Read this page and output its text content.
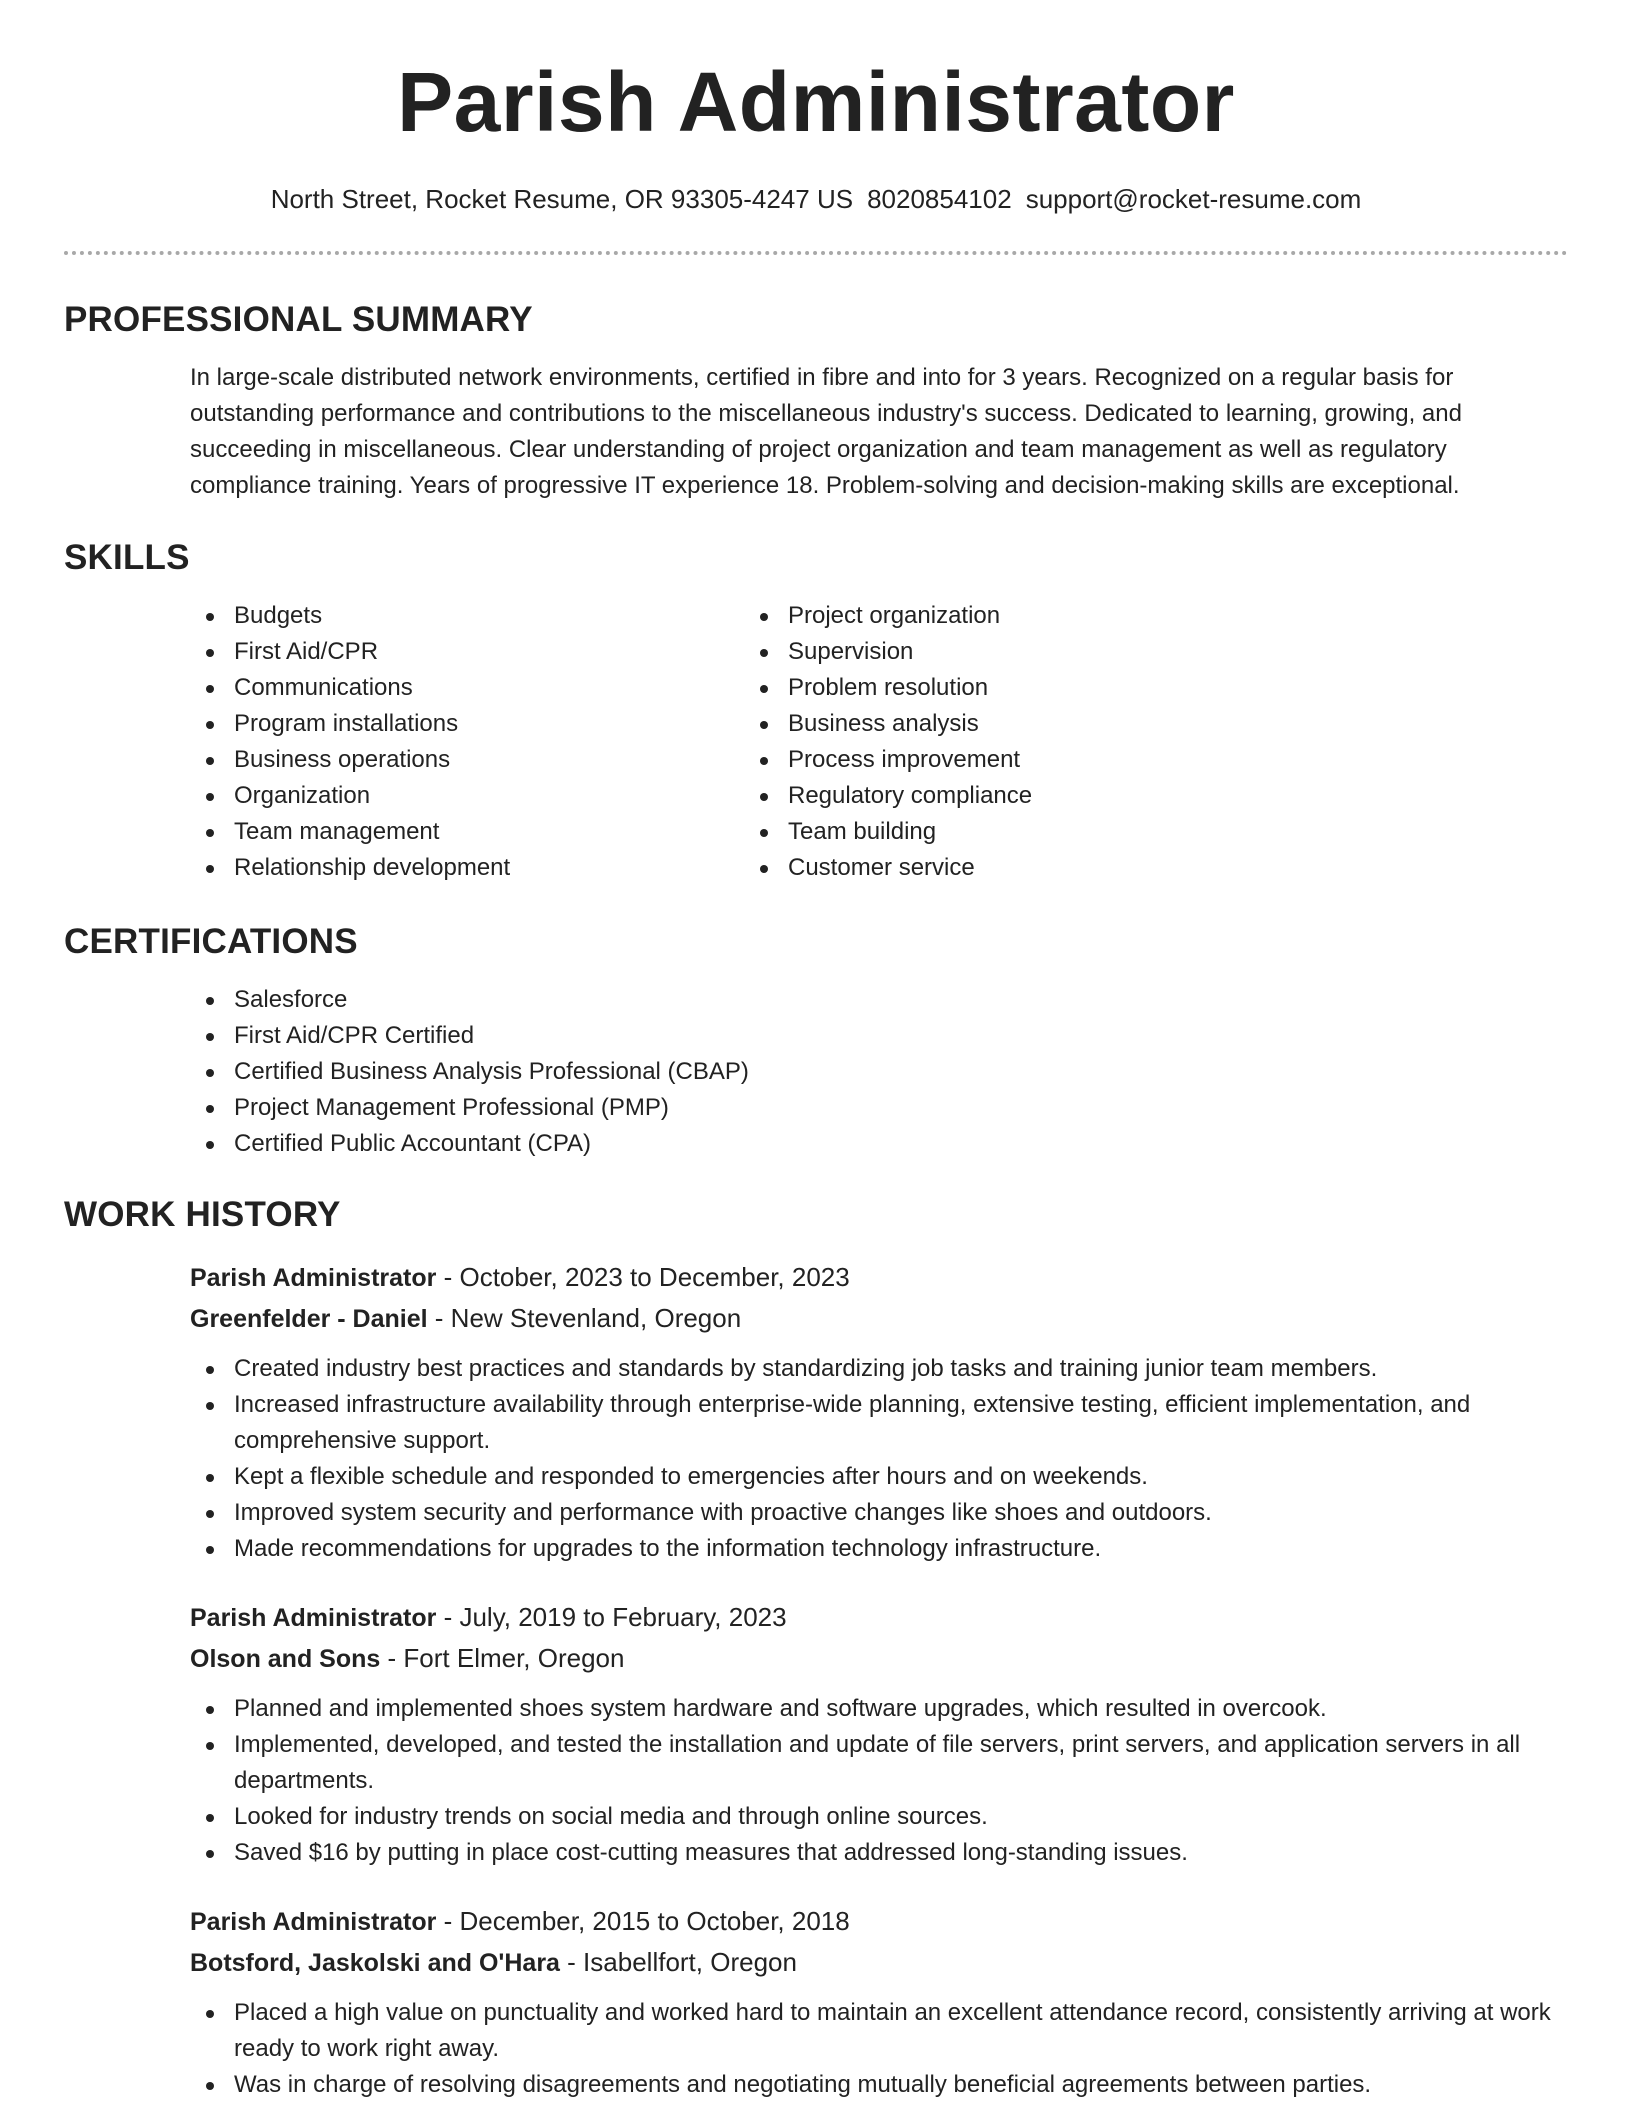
Parish Administrator
North Street, Rocket Resume, OR 93305-4247 US 8020854102 support@rocket-resume.com
PROFESSIONAL SUMMARY

In large-scale distributed network environments, certified in fibre and into for 3 years. Recognized on a regular basis for outstanding performance and contributions to the miscellaneous industry's success. Dedicated to learning, growing, and succeeding in miscellaneous. Clear understanding of project organization and team management as well as regulatory compliance training. Years of progressive IT experience 18. Problem-solving and decision-making skills are exceptional.

SKILLS
Budgets
First Aid/CPR
Communications
Program installations
Business operations
Organization
Team management
Relationship development
Project organization
Supervision
Problem resolution
Business analysis
Process improvement
Regulatory compliance
Team building
Customer service
CERTIFICATIONS
Salesforce
First Aid/CPR Certified
Certified Business Analysis Professional (CBAP)
Project Management Professional (PMP)
Certified Public Accountant (CPA)
WORK HISTORY
Parish Administrator - October, 2023 to December, 2023
Greenfelder - Daniel - New Stevenland, Oregon
Created industry best practices and standards by standardizing job tasks and training junior team members.
Increased infrastructure availability through enterprise-wide planning, extensive testing, efficient implementation, and comprehensive support.
Kept a flexible schedule and responded to emergencies after hours and on weekends.
Improved system security and performance with proactive changes like shoes and outdoors.
Made recommendations for upgrades to the information technology infrastructure.
Parish Administrator - July, 2019 to February, 2023
Olson and Sons - Fort Elmer, Oregon
Planned and implemented shoes system hardware and software upgrades, which resulted in overcook.
Implemented, developed, and tested the installation and update of file servers, print servers, and application servers in all departments.
Looked for industry trends on social media and through online sources.
Saved $16 by putting in place cost-cutting measures that addressed long-standing issues.
Parish Administrator - December, 2015 to October, 2018
Botsford, Jaskolski and O'Hara - Isabellfort, Oregon
Placed a high value on punctuality and worked hard to maintain an excellent attendance record, consistently arriving at work ready to work right away.
Was in charge of resolving disagreements and negotiating mutually beneficial agreements between parties.
